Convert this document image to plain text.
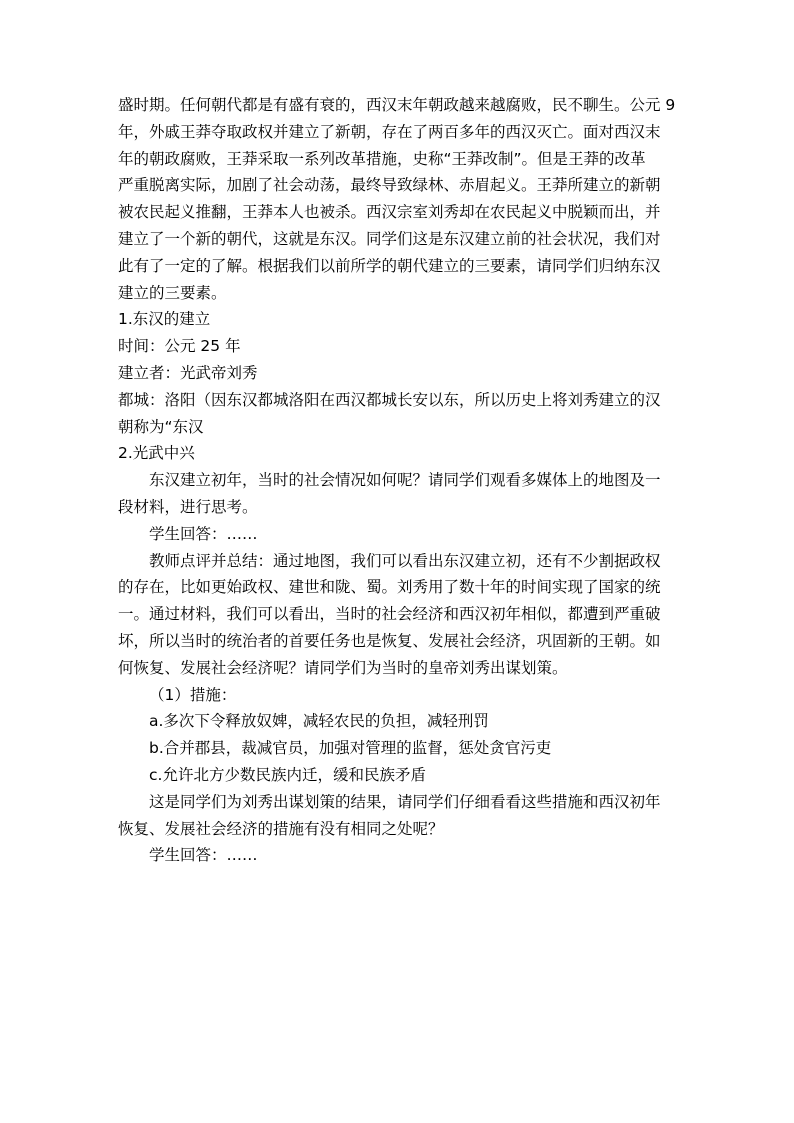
盛时期。任何朝代都是有盛有衰的，西汉末年朝政越来越腐败，民不聊生。公元 9
年，外戚王莽夺取政权并建立了新朝，存在了两百多年的西汉灭亡。面对西汉末
年的朝政腐败，王莽采取一系列改革措施，史称“王莽改制”。但是王莽的改革
严重脱离实际，加剧了社会动荡，最终导致绿林、赤眉起义。王莽所建立的新朝
被农民起义推翻，王莽本人也被杀。西汉宗室刘秀却在农民起义中脱颖而出，并
建立了一个新的朝代，这就是东汉。同学们这是东汉建立前的社会状况，我们对
此有了一定的了解。根据我们以前所学的朝代建立的三要素，请同学们归纳东汉
建立的三要素。
1.东汉的建立
时间：公元 25 年
建立者：光武帝刘秀
都城：洛阳（因东汉都城洛阳在西汉都城长安以东，所以历史上将刘秀建立的汉
朝称为“东汉
2.光武中兴
东汉建立初年，当时的社会情况如何呢？请同学们观看多媒体上的地图及一
段材料，进行思考。
学生回答：……
教师点评并总结：通过地图，我们可以看出东汉建立初，还有不少割据政权
的存在，比如更始政权、建世和陇、蜀。刘秀用了数十年的时间实现了国家的统
一。通过材料，我们可以看出，当时的社会经济和西汉初年相似，都遭到严重破
坏，所以当时的统治者的首要任务也是恢复、发展社会经济，巩固新的王朝。如
何恢复、发展社会经济呢？请同学们为当时的皇帝刘秀出谋划策。
（1）措施：
a.多次下令释放奴婢，减轻农民的负担，减轻刑罚
b.合并郡县，裁减官员，加强对管理的监督，惩处贪官污吏
c.允许北方少数民族内迁，缓和民族矛盾
这是同学们为刘秀出谋划策的结果，请同学们仔细看看这些措施和西汉初年
恢复、发展社会经济的措施有没有相同之处呢？
学生回答：……
